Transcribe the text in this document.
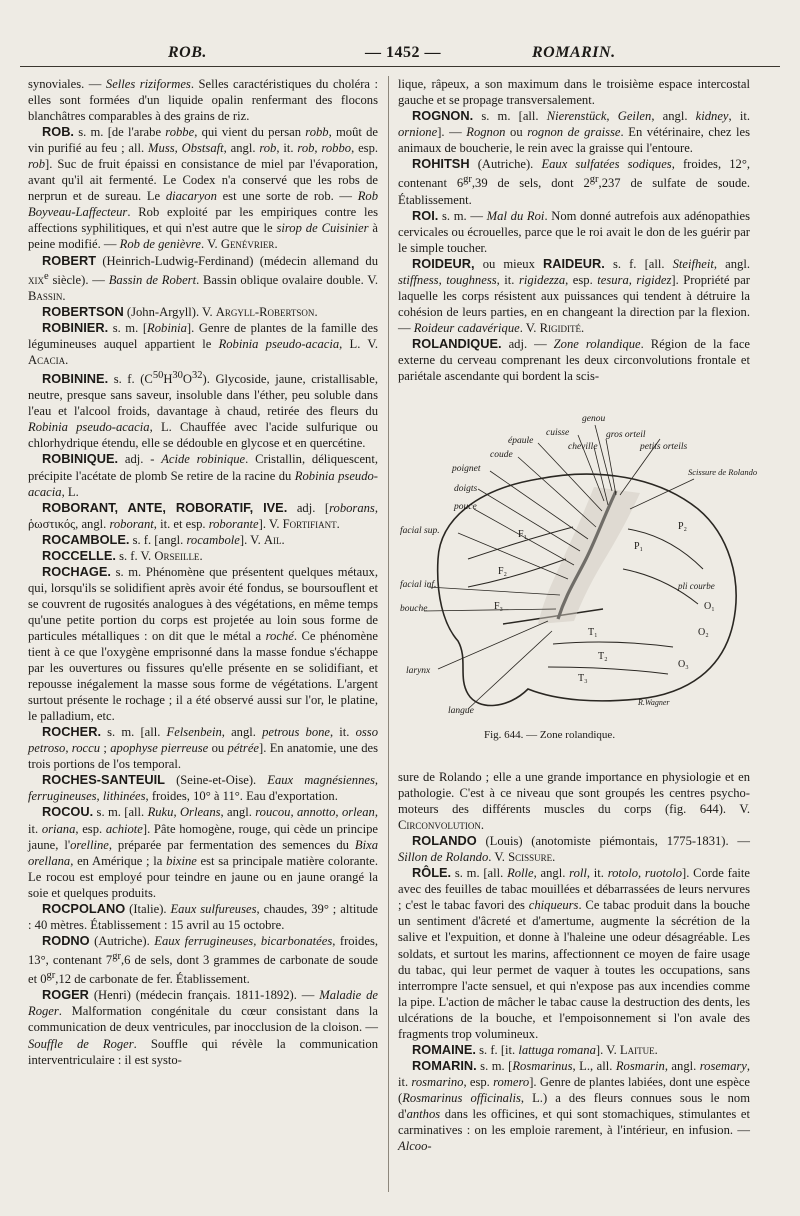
ROB.	— 1452 —	ROMARIN.

synoviales. — Selles riziformes. Selles caractéristiques du choléra : elles sont formées d'un liquide opalin renfermant des flocons blanchâtres comparables à des grains de riz.

ROB. s. m. [de l'arabe robbe, qui vient du persan robb, moût de vin purifié au feu ; all. Muss, Obstsaft, angl. rob, it. rob, robbo, esp. rob]. Suc de fruit épaissi en consistance de miel par l'évaporation, avant qu'il ait fermenté. Le Codex n'a conservé que les robs de nerprun et de sureau. Le diacaryon est une sorte de rob. — Rob Boyveau-Laffecteur. Rob exploité par les empiriques contre les affections syphilitiques, et qui n'est autre que le sirop de Cuisinier à peine modifié. — Rob de genièvre. V. Genévrier.

ROBERT (Heinrich-Ludwig-Ferdinand) (médecin allemand du xix$^e$ siècle). — Bassin de Robert. Bassin oblique ovalaire double. V. Bassin.

ROBERTSON (John-Argyll). V. Argyll-Robertson.

ROBINIER. s. m. [Robinia]. Genre de plantes de la famille des légumineuses auquel appartient le Robinia pseudo-acacia, L. V. Acacia.

ROBININE. s. f. $(C^{50}H^{30}O^{32})$. Glycoside, jaune, cristallisable, neutre, presque sans saveur, insoluble dans l'éther, peu soluble dans l'eau et l'alcool froids, davantage à chaud, retirée des fleurs du Robinia pseudo-acacia, L. Chauffée avec l'acide sulfurique ou chlorhydrique étendu, elle se dédouble en glycose et en quercétine.

ROBINIQUE. adj. - Acide robinique. Cristallin, déliquescent, précipite l'acétate de plomb Se retire de la racine du Robinia pseudo-acacia, L.

ROBORANT, ANTE, ROBORATIF, IVE. adj. [roborans, ῥωστικός, angl. roborant, it. et esp. roborante]. V. Fortifiant.

ROCAMBOLE. s. f. [angl. rocambole]. V. Ail.

ROCCELLE. s. f. V. Orseille.

ROCHAGE. s. m. Phénomène que présentent quelques métaux, qui, lorsqu'ils se solidifient après avoir été fondus, se boursouflent et se couvrent de rugosités analogues à des végétations, en même temps qu'une petite portion du corps est projetée au loin sous forme de particules métalliques : on dit que le métal a roché. Ce phénomène tient à ce que l'oxygène emprisonné dans la masse fondue s'échappe par les ouvertures ou fissures qu'elle présente en se solidifiant, et repousse inégalement la masse sous forme de végétations. L'argent surtout présente le rochage ; il a été observé aussi sur l'or, le platine, le palladium, etc.

ROCHER. s. m. [all. Felsenbein, angl. petrous bone, it. osso petroso, roccu ; apophyse pierreuse ou pétrée]. En anatomie, une des trois portions de l'os temporal.

ROCHES-SANTEUIL (Seine-et-Oise). Eaux magnésiennes, ferrugineuses, lithinées, froides, 10° à 11°. Eau d'exportation.

ROCOU. s. m. [all. Ruku, Orleans, angl. roucou, annotto, orlean, it. oriana, esp. achiote]. Pâte homogène, rouge, qui cède un principe jaune, l'orelline, préparée par fermentation des semences du Bixa orellana, en Amérique ; la bixine est sa principale matière colorante. Le rocou est employé pour teindre en jaune ou en jaune orangé la soie et quelques produits.

ROCPOLANO (Italie). Eaux sulfureuses, chaudes, 39° ; altitude : 40 mètres. Établissement : 15 avril au 15 octobre.

RODNO (Autriche). Eaux ferrugineuses, bicarbonatées, froides, 13°, contenant $7^{gr},6$ de sels, dont 3 grammes de carbonate de soude et $0^{gr},12$ de carbonate de fer. Établissement.

ROGER (Henri) (médecin français. 1811-1892). — Maladie de Roger. Malformation congénitale du cœur consistant dans la communication de deux ventricules, par inocclusion de la cloison. — Souffle de Roger. Souffle qui révèle la communication interventriculaire : il est systo-

lique, râpeux, a son maximum dans le troisième espace intercostal gauche et se propage transversalement.

ROGNON. s. m. [all. Nierenstück, Geilen, angl. kidney, it. ornione]. — Rognon ou rognon de graisse. En vétérinaire, chez les animaux de boucherie, le rein avec la graisse qui l'entoure.

ROHITSH (Autriche). Eaux sulfatées sodiques, froides, 12°, contenant $6^{gr},39$ de sels, dont $2^{gr},237$ de sulfate de soude. Établissement.

ROI. s. m. — Mal du Roi. Nom donné autrefois aux adénopathies cervicales ou écrouelles, parce que le roi avait le don de les guérir par le simple toucher.

ROIDEUR, ou mieux RAIDEUR. s. f. [all. Steifheit, angl. stiffness, toughness, it. rigidezza, esp. tesura, rigidez]. Propriété par laquelle les corps résistent aux puissances qui tendent à détruire la cohésion de leurs parties, en en changeant la direction par la flexion. — Roideur cadavérique. V. Rigidité.

ROLANDIQUE. adj. — Zone rolandique. Région de la face externe du cerveau comprenant les deux circonvolutions frontale et pariétale ascendante qui bordent la scis-

genou
cuisse	gros orteil
épaule
cheville	petits orteils
coude
poignet	Scissure de Rolando
doigts
pouce
facial sup.
facial inf.
bouche
larynx
langue
R.Wagner
F₁
F₂
F₃
P₁
P₂
pli courbe
T₁
T₂
T₃
O₁
O₂
O₃
Fig. 644. — Zone rolandique.

sure de Rolando ; elle a une grande importance en physiologie et en pathologie. C'est à ce niveau que sont groupés les centres psycho-moteurs des différents muscles du corps (fig. 644). V. Circonvolution.

ROLANDO (Louis) (anotomiste piémontais, 1775-1831). — Sillon de Rolando. V. Scissure.

RÔLE. s. m. [all. Rolle, angl. roll, it. rotolo, ruotolo]. Corde faite avec des feuilles de tabac mouillées et débarrassées de leurs nervures ; c'est le tabac favori des chiqueurs. Ce tabac produit dans la bouche un sentiment d'âcreté et d'amertume, augmente la sécrétion de la salive et l'expuition, et donne à l'haleine une odeur désagréable. Les soldats, et surtout les marins, affectionnent ce moyen de faire usage du tabac, qui leur permet de vaquer à toutes les occupations, sans interrompre l'acte sensuel, et qui n'expose pas aux incendies comme la pipe. L'action de mâcher le tabac cause la destruction des dents, les ulcérations de la bouche, et l'empoisonnement si l'on avale des fragments trop volumineux.

ROMAINE. s. f. [it. lattuga romana]. V. Laitue.

ROMARIN. s. m. [Rosmarinus, L., all. Rosmarin, angl. rosemary, it. rosmarino, esp. romero]. Genre de plantes labiées, dont une espèce (Rosmarinus officinalis, L.) a des fleurs connues sous le nom d'anthos dans les officines, et qui sont stomachiques, stimulantes et carminatives : on les emploie rarement, à l'intérieur, en infusion. — Alcoo-
